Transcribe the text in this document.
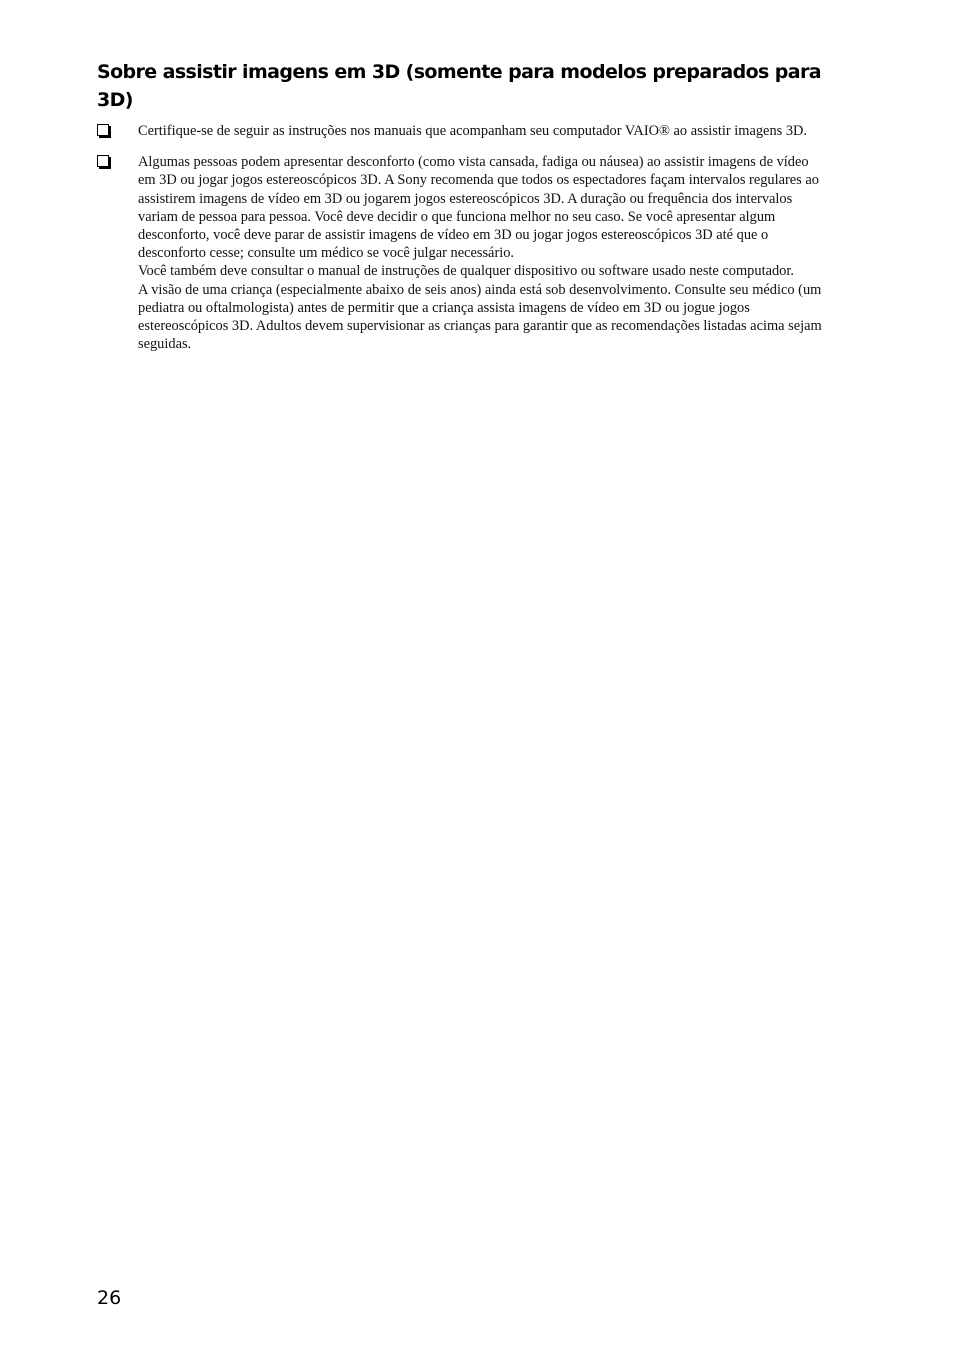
Sobre assistir imagens em 3D (somente para modelos preparados para 3D)
Certifique-se de seguir as instruções nos manuais que acompanham seu computador VAIO® ao assistir imagens 3D.
Algumas pessoas podem apresentar desconforto (como vista cansada, fadiga ou náusea) ao assistir imagens de vídeo em 3D ou jogar jogos estereoscópicos 3D. A Sony recomenda que todos os espectadores façam intervalos regulares ao assistirem imagens de vídeo em 3D ou jogarem jogos estereoscópicos 3D. A duração ou frequência dos intervalos variam de pessoa para pessoa. Você deve decidir o que funciona melhor no seu caso. Se você apresentar algum desconforto, você deve parar de assistir imagens de vídeo em 3D ou jogar jogos estereoscópicos 3D até que o desconforto cesse; consulte um médico se você julgar necessário.
Você também deve consultar o manual de instruções de qualquer dispositivo ou software usado neste computador.
A visão de uma criança (especialmente abaixo de seis anos) ainda está sob desenvolvimento. Consulte seu médico (um pediatra ou oftalmologista) antes de permitir que a criança assista imagens de vídeo em 3D ou jogue jogos estereoscópicos 3D. Adultos devem supervisionar as crianças para garantir que as recomendações listadas acima sejam seguidas.
26
